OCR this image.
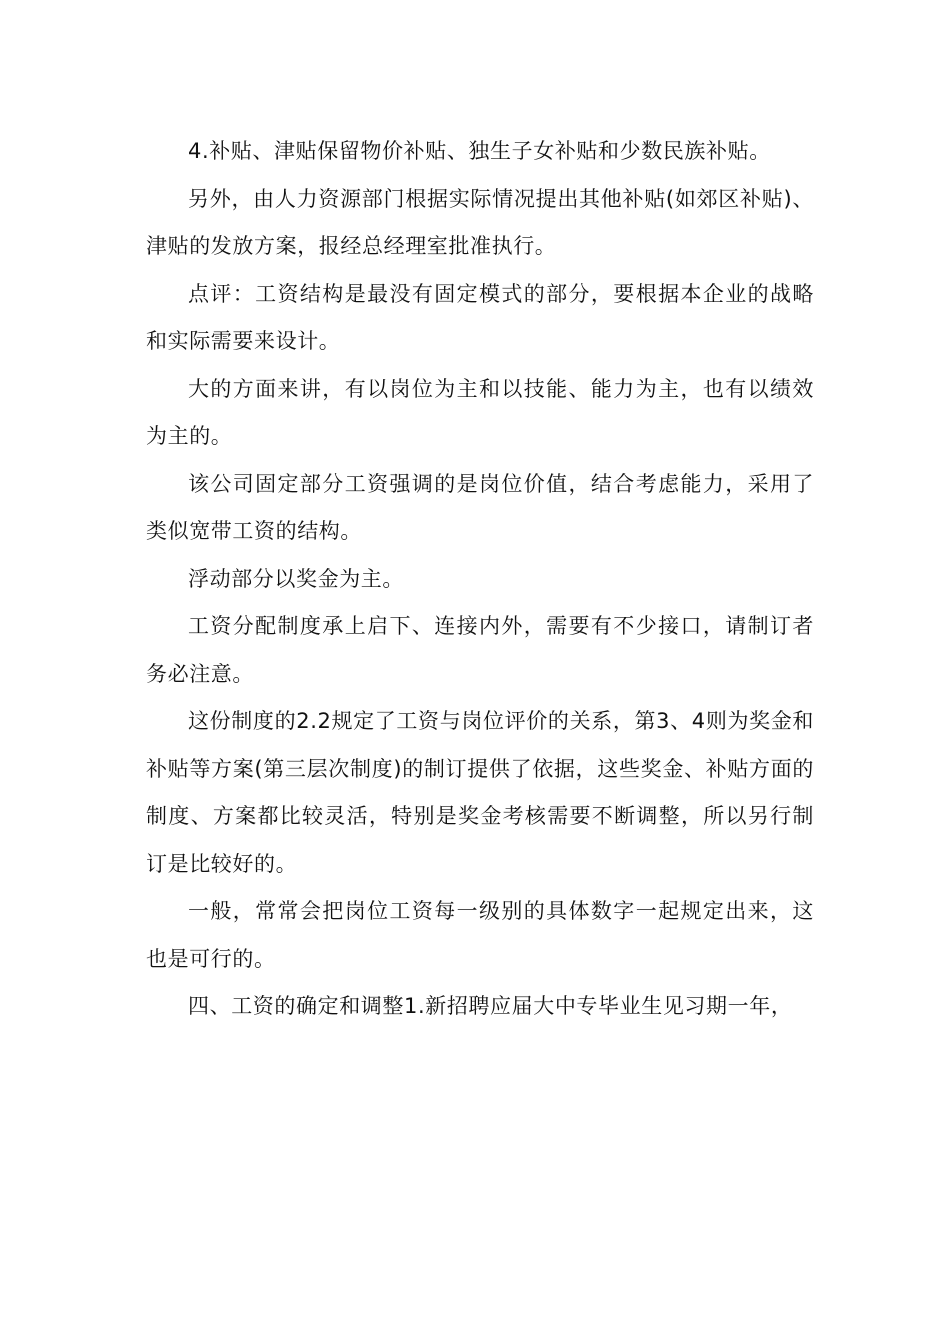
4.补贴、津贴保留物价补贴、独生子女补贴和少数民族补贴。

另外，由人力资源部门根据实际情况提出其他补贴(如郊区补贴)、津贴的发放方案，报经总经理室批准执行。

点评：工资结构是最没有固定模式的部分，要根据本企业的战略和实际需要来设计。

大的方面来讲，有以岗位为主和以技能、能力为主，也有以绩效为主的。

该公司固定部分工资强调的是岗位价值，结合考虑能力，采用了类似宽带工资的结构。

浮动部分以奖金为主。

工资分配制度承上启下、连接内外，需要有不少接口，请制订者务必注意。

这份制度的2.2规定了工资与岗位评价的关系，第3、4则为奖金和补贴等方案(第三层次制度)的制订提供了依据，这些奖金、补贴方面的制度、方案都比较灵活，特别是奖金考核需要不断调整，所以另行制订是比较好的。

一般，常常会把岗位工资每一级别的具体数字一起规定出来，这也是可行的。

四、工资的确定和调整1.新招聘应届大中专毕业生见习期一年，
